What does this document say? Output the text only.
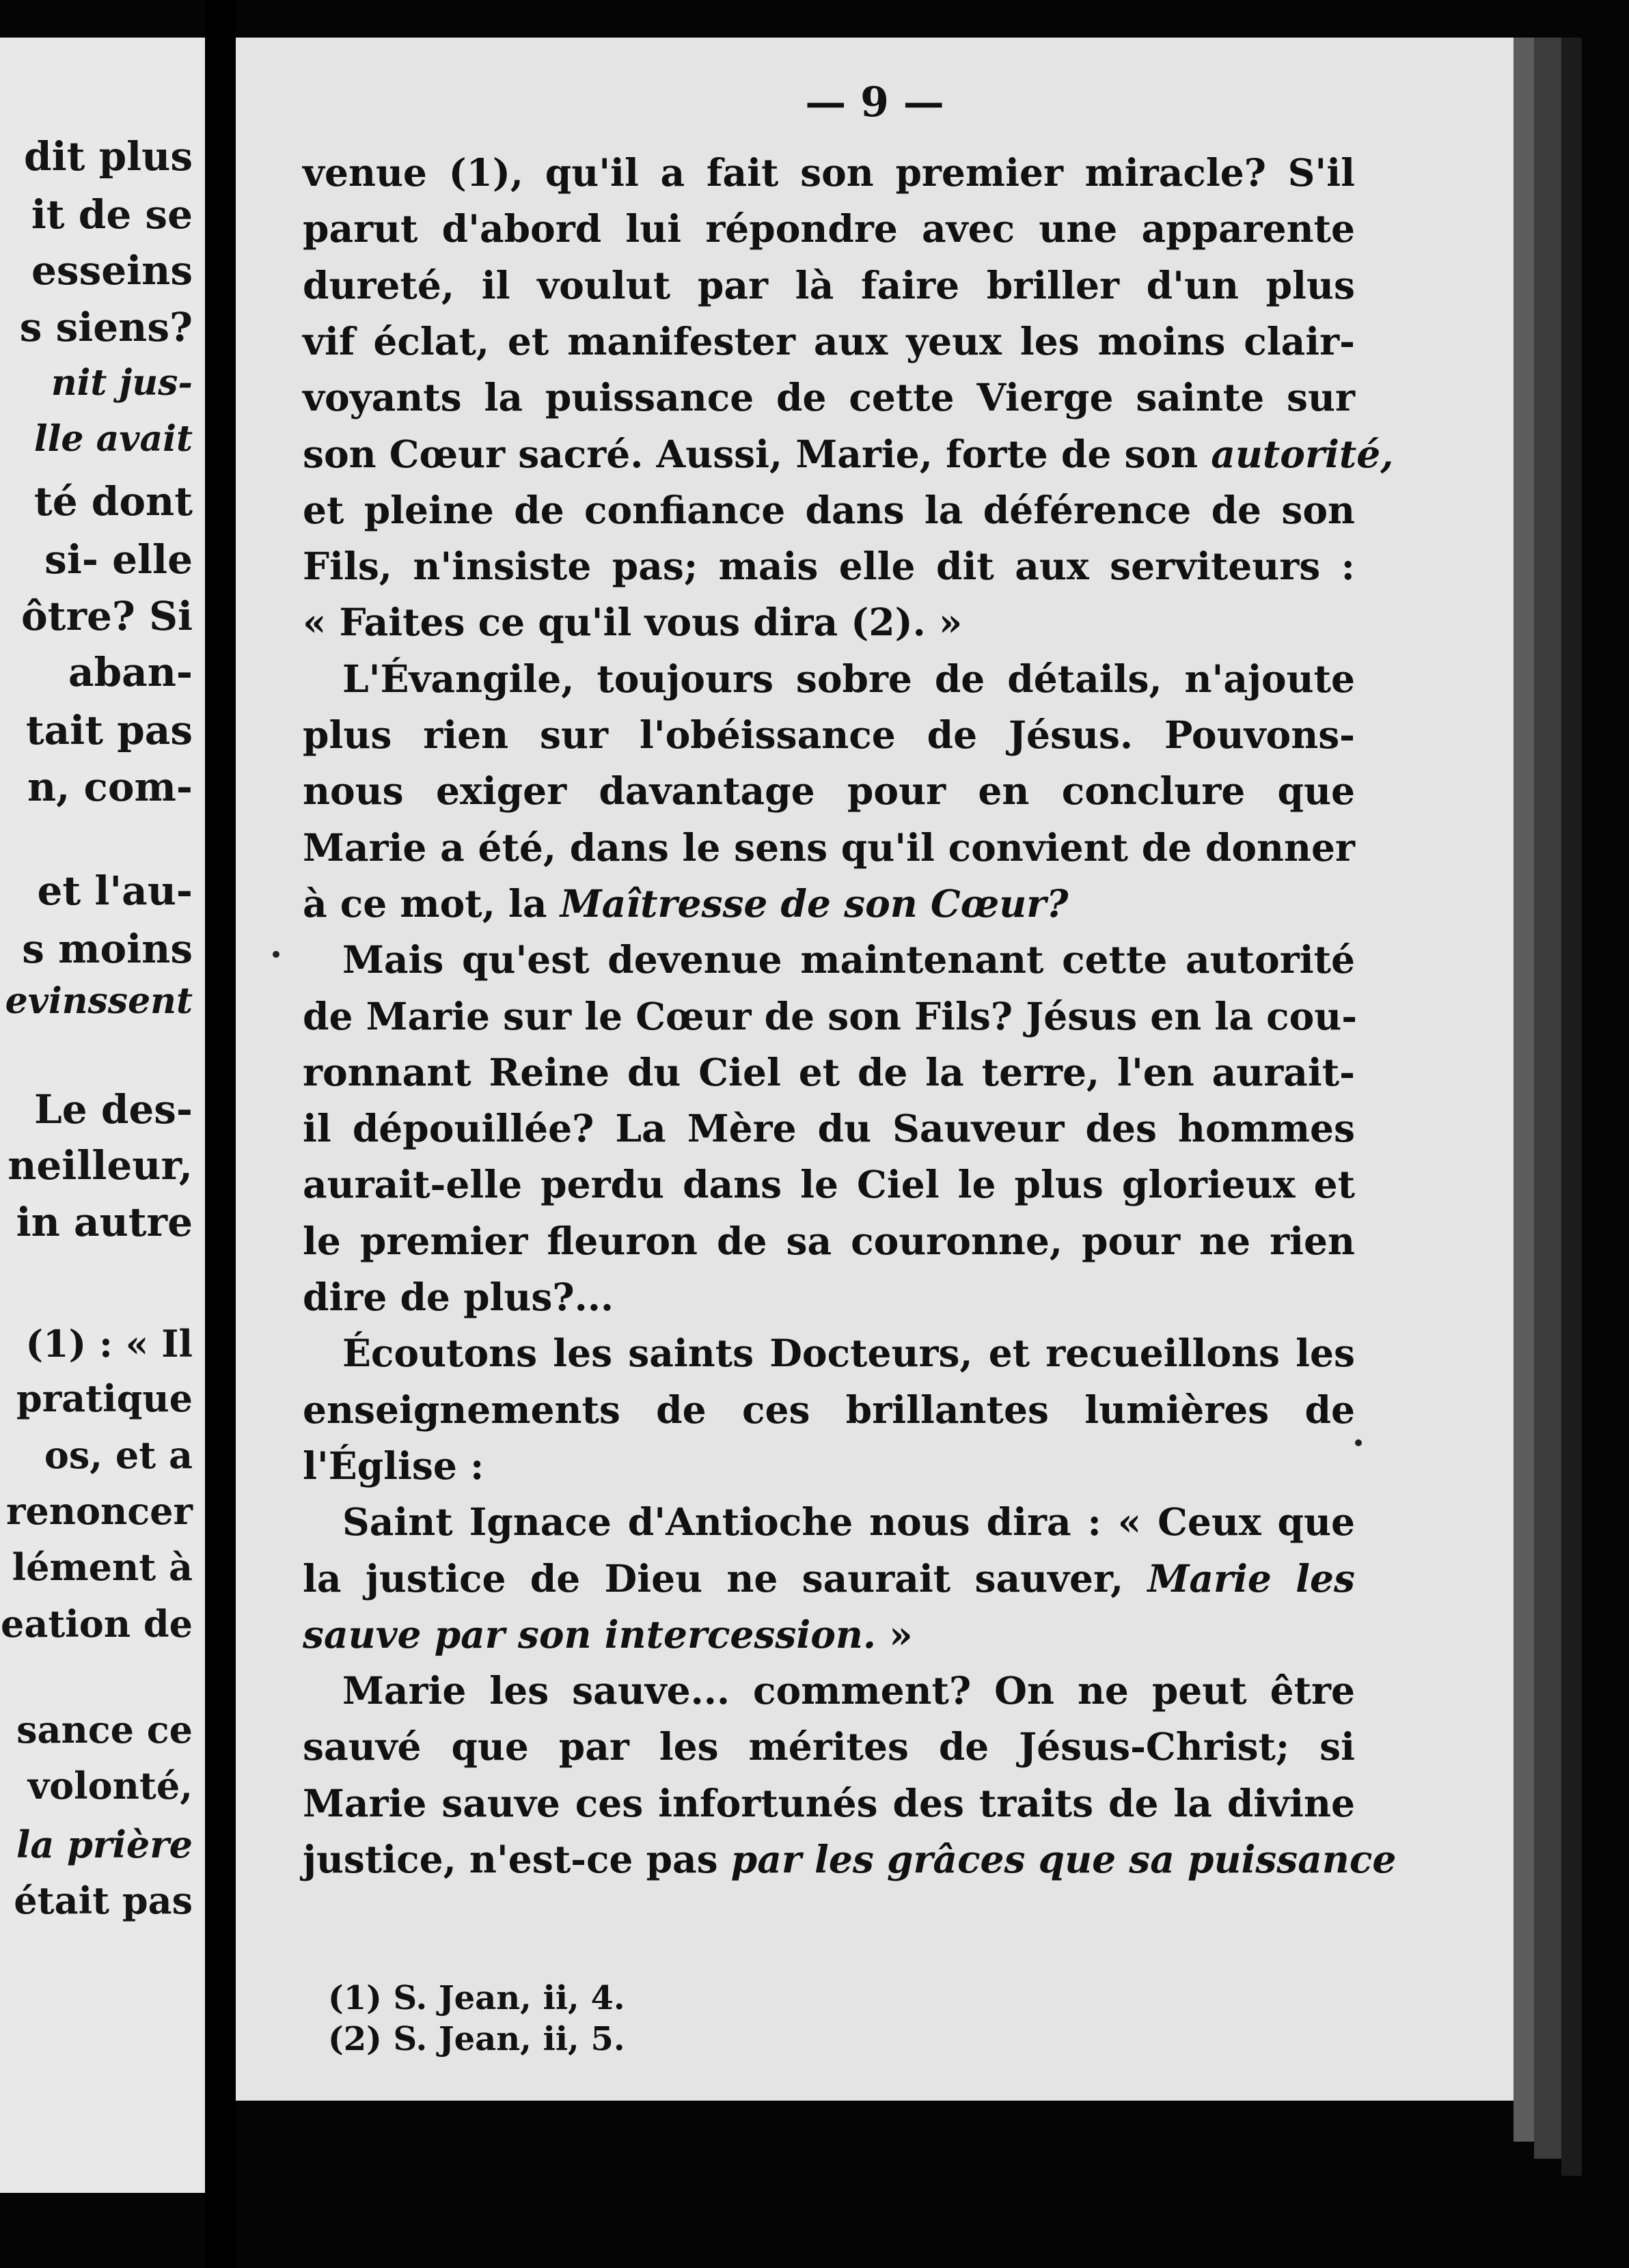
dit plus
it de se
esseins
s siens?
nit jus-
lle avait
té dont
si- elle
ôtre? Si
aban-
tait pas
n, com-
et l'au-
s moins
evinssent
Le des-
neilleur,
in autre
(1) : « Il
pratique
os, et a
renoncer
lément à
eation de
sance ce
volonté,
la prière
était pas
— 9 —
venue (1), qu'il a fait son premier miracle? S'il
parut d'abord lui répondre avec une apparente
dureté, il voulut par là faire briller d'un plus
vif éclat, et manifester aux yeux les moins clair-
voyants la puissance de cette Vierge sainte sur
son Cœur sacré. Aussi, Marie, forte de son autorité,
et pleine de confiance dans la déférence de son
Fils, n'insiste pas; mais elle dit aux serviteurs :
« Faites ce qu'il vous dira (2). »
L'Évangile, toujours sobre de détails, n'ajoute
plus rien sur l'obéissance de Jésus. Pouvons-
nous exiger davantage pour en conclure que
Marie a été, dans le sens qu'il convient de donner
à ce mot, la Maîtresse de son Cœur?
Mais qu'est devenue maintenant cette autorité
de Marie sur le Cœur de son Fils? Jésus en la cou-
ronnant Reine du Ciel et de la terre, l'en aurait-
il dépouillée? La Mère du Sauveur des hommes
aurait-elle perdu dans le Ciel le plus glorieux et
le premier fleuron de sa couronne, pour ne rien
dire de plus?...
Écoutons les saints Docteurs, et recueillons les
enseignements de ces brillantes lumières de
l'Église :
Saint Ignace d'Antioche nous dira : « Ceux que
la justice de Dieu ne saurait sauver, Marie les
sauve par son intercession. »
Marie les sauve... comment? On ne peut être
sauvé que par les mérites de Jésus-Christ; si
Marie sauve ces infortunés des traits de la divine
justice, n'est-ce pas par les grâces que sa puissance
(1) S. Jean, ii, 4.
(2) S. Jean, ii, 5.
